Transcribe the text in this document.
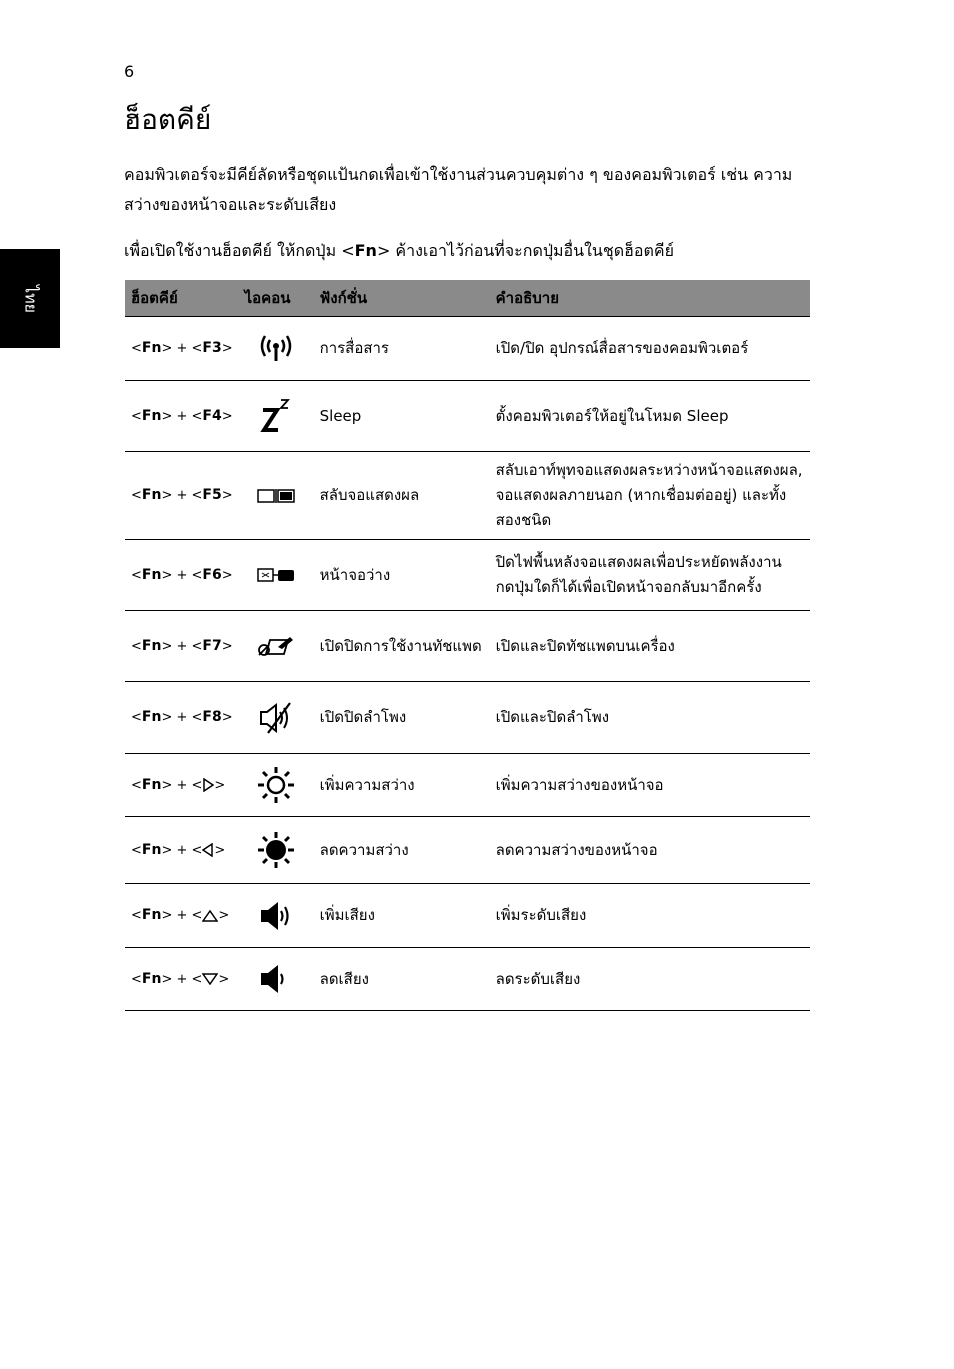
6
ฮ็อตคีย์

คอมพิวเตอร์จะมีคีย์ลัดหรือชุดแป้นกดเพื่อเข้าใช้งานส่วนควบคุมต่าง ๆ ของคอมพิวเตอร์ เช่น ความสว่างของหน้าจอและระดับเสียง

เพื่อเปิดใช้งานฮ็อตคีย์ ให้กดปุ่ม <Fn> ค้างเอาไว้ก่อนที่จะกดปุ่มอื่นในชุดฮ็อตคีย์

ไทย	ฮ็อตคีย์	ไอคอน	ฟังก์ชั่น	คำอธิบาย
<Fn> + <F3>		การสื่อสาร	เปิด/ปิด อุปกรณ์สื่อสารของคอมพิวเตอร์
<Fn> + <F4>		Sleep	ตั้งคอมพิวเตอร์ให้อยู่ในโหมด Sleep
<Fn> + <F5>		สลับจอแสดงผล	สลับเอาท์พุทจอแสดงผลระหว่างหน้าจอแสดงผล, จอแสดงผลภายนอก (หากเชื่อมต่ออยู่) และทั้งสองชนิด
<Fn> + <F6>		หน้าจอว่าง	ปิดไฟพื้นหลังจอแสดงผลเพื่อประหยัดพลังงาน กดปุ่มใดก็ได้เพื่อเปิดหน้าจอกลับมาอีกครั้ง
<Fn> + <F7>		เปิดปิดการใช้งานทัชแพด	เปิดและปิดทัชแพดบนเครื่อง
<Fn> + <F8>		เปิดปิดลำโพง	เปิดและปิดลำโพง
<Fn> + < >		เพิ่มความสว่าง	เพิ่มความสว่างของหน้าจอ
<Fn> + < >		ลดความสว่าง	ลดความสว่างของหน้าจอ
<Fn> + < >		เพิ่มเสียง	เพิ่มระดับเสียง
<Fn> + < >		ลดเสียง	ลดระดับเสียง
